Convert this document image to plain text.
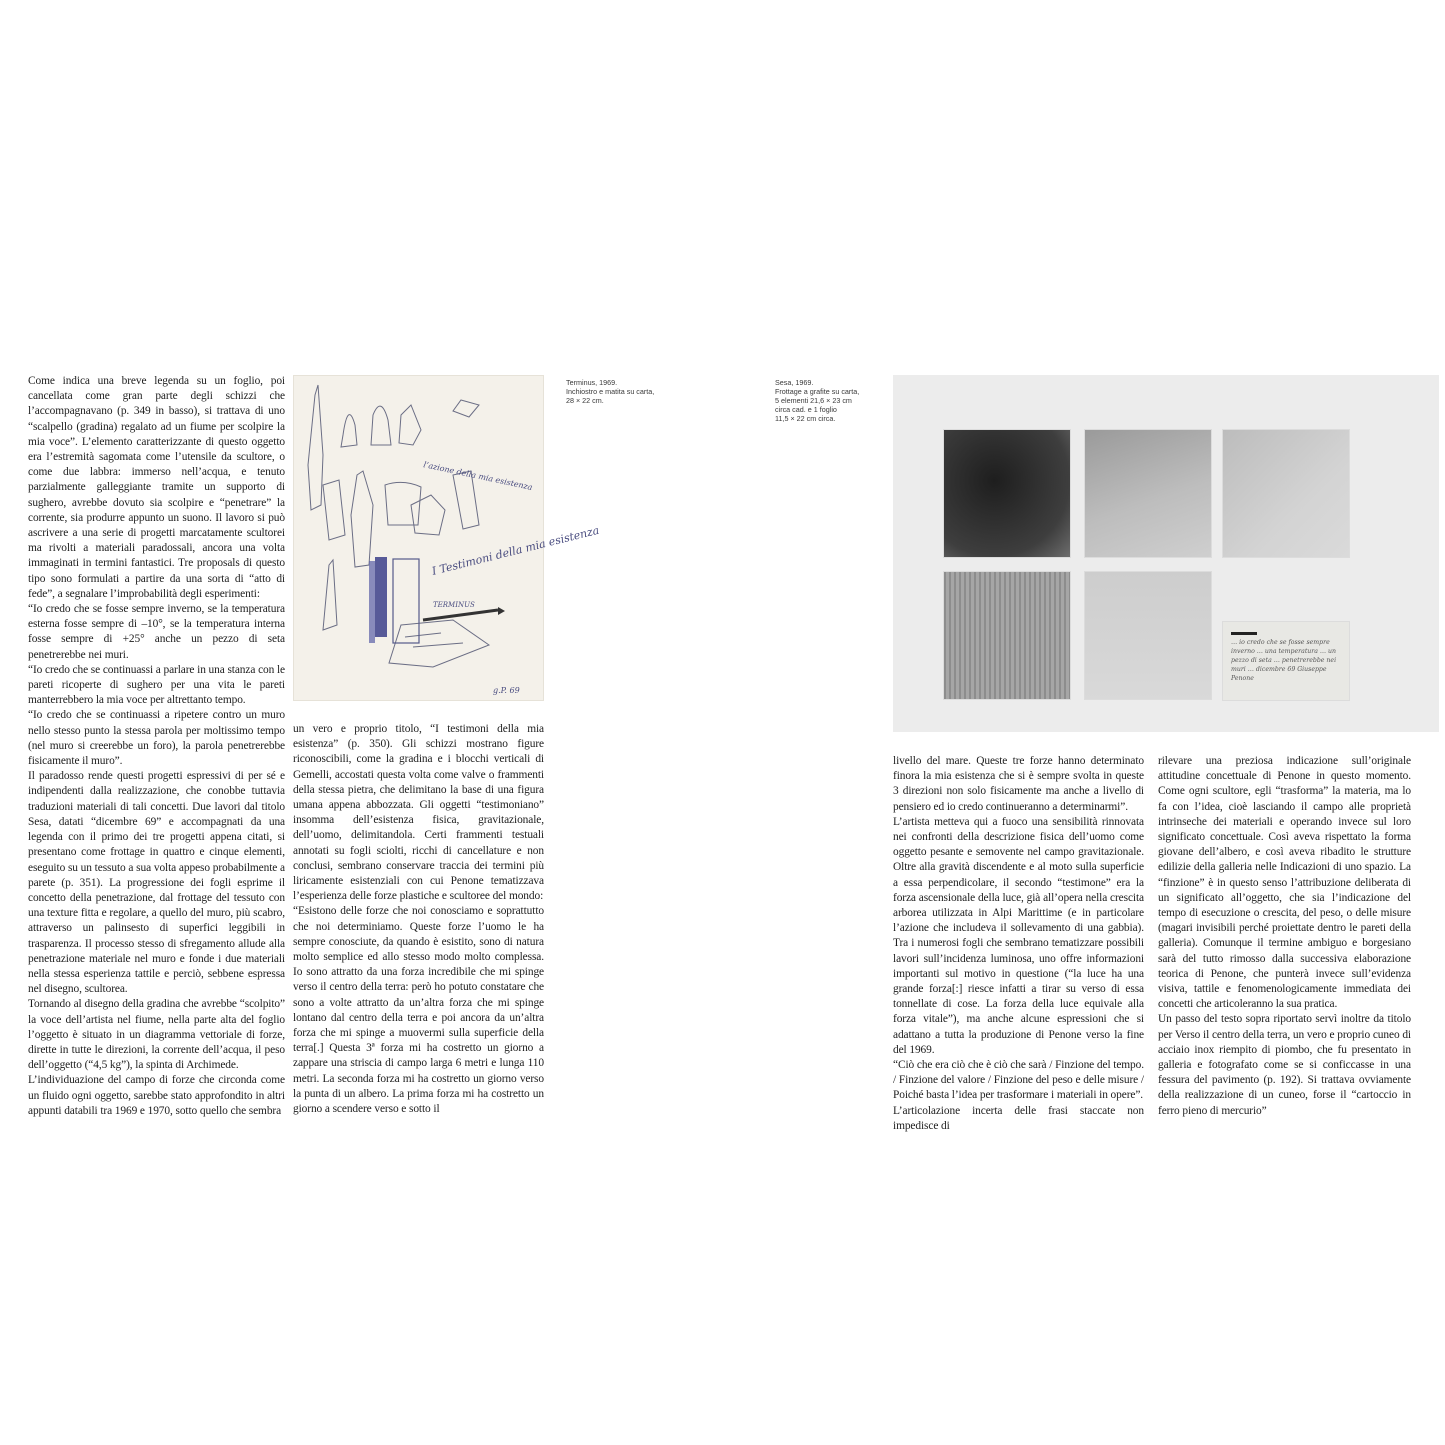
Come indica una breve legenda su un foglio, poi cancellata come gran parte degli schizzi che l’accompagnavano (p. 349 in basso), si trattava di uno “scalpello (gradina) regalato ad un fiume per scolpire la mia voce”. L’elemento caratterizzante di questo oggetto era l’estremità sagomata come l’utensile da scultore, o come due labbra: immerso nell’acqua, e tenuto parzialmente galleggiante tramite un supporto di sughero, avrebbe dovuto sia scolpire e “penetrare” la corrente, sia produrre appunto un suono. Il lavoro si può ascrivere a una serie di progetti marcatamente scultorei ma rivolti a materiali paradossali, ancora una volta immaginati in termini fantastici. Tre proposals di questo tipo sono formulati a partire da una sorta di “atto di fede”, a segnalare l’improbabilità degli esperimenti:

“Io credo che se fosse sempre inverno, se la temperatura esterna fosse sempre di –10°, se la temperatura interna fosse sempre di +25° anche un pezzo di seta penetrerebbe nei muri.

“Io credo che se continuassi a parlare in una stanza con le pareti ricoperte di sughero per una vita le pareti manterrebbero la mia voce per altrettanto tempo.

“Io credo che se continuassi a ripetere contro un muro nello stesso punto la stessa parola per moltissimo tempo (nel muro si creerebbe un foro), la parola penetrerebbe fisicamente il muro”.

Il paradosso rende questi progetti espressivi di per sé e indipendenti dalla realizzazione, che conobbe tuttavia traduzioni materiali di tali concetti. Due lavori dal titolo Sesa, datati “dicembre 69” e accompagnati da una legenda con il primo dei tre progetti appena citati, si presentano come frottage in quattro e cinque elementi, eseguito su un tessuto a sua volta appeso probabilmente a parete (p. 351). La progressione dei fogli esprime il concetto della penetrazione, dal frottage del tessuto con una texture fitta e regolare, a quello del muro, più scabro, attraverso un palinsesto di superfici leggibili in trasparenza. Il processo stesso di sfregamento allude alla penetrazione materiale nel muro e fonde i due materiali nella stessa esperienza tattile e perciò, sebbene espressa nel disegno, scultorea.

Tornando al disegno della gradina che avrebbe “scolpito” la voce dell’artista nel fiume, nella parte alta del foglio l’oggetto è situato in un diagramma vettoriale di forze, dirette in tutte le direzioni, la corrente dell’acqua, il peso dell’oggetto (“4,5 kg”), la spinta di Archimede.

L’individuazione del campo di forze che circonda come un fluido ogni oggetto, sarebbe stato approfondito in altri appunti databili tra 1969 e 1970, sotto quello che sembra

l’azione della mia esistenza
I Testimoni della mia esistenza
TERMINUS
g.P. 69
Terminus, 1969.
Inchiostro e matita su carta,
28 × 22 cm.

un vero e proprio titolo, “I testimoni della mia esistenza” (p. 350). Gli schizzi mostrano figure riconoscibili, come la gradina e i blocchi verticali di Gemelli, accostati questa volta come valve o frammenti della stessa pietra, che delimitano la base di una figura umana appena abbozzata. Gli oggetti “testimoniano” insomma dell’esistenza fisica, gravitazionale, dell’uomo, delimitandola. Certi frammenti testuali annotati su fogli sciolti, ricchi di cancellature e non conclusi, sembrano conservare traccia dei termini più liricamente esistenziali con cui Penone tematizzava l’esperienza delle forze plastiche e scultoree del mondo:

“Esistono delle forze che noi conosciamo e soprattutto che noi determiniamo. Queste forze l’uomo le ha sempre conosciute, da quando è esistito, sono di natura molto semplice ed allo stesso modo molto complessa. Io sono attratto da una forza incredibile che mi spinge verso il centro della terra: però ho potuto constatare che sono a volte attratto da un’altra forza che mi spinge lontano dal centro della terra e poi ancora da un’altra forza che mi spinge a muovermi sulla superficie della terra[.] Questa 3ª forza mi ha costretto un giorno a zappare una striscia di campo larga 6 metri e lunga 110 metri. La seconda forza mi ha costretto un giorno verso la punta di un albero. La prima forza mi ha costretto un giorno a scendere verso e sotto il

Sesa, 1969.
Frottage a grafite su carta,
5 elementi 21,6 × 23 cm
circa cad. e 1 foglio
11,5 × 22 cm circa.
… io credo che se fosse sempre inverno … una temperatura … un pezzo di seta … penetrerebbe nei muri … dicembre 69 Giuseppe Penone

livello del mare. Queste tre forze hanno determinato finora la mia esistenza che si è sempre svolta in queste 3 direzioni non solo fisicamente ma anche a livello di pensiero ed io credo continueranno a determinarmi”.

L’artista metteva qui a fuoco una sensibilità rinnovata nei confronti della descrizione fisica dell’uomo come oggetto pesante e semovente nel campo gravitazionale. Oltre alla gravità discendente e al moto sulla superficie a essa perpendicolare, il secondo “testimone” era la forza ascensionale della luce, già all’opera nella crescita arborea utilizzata in Alpi Marittime (e in particolare l’azione che includeva il sollevamento di una gabbia). Tra i numerosi fogli che sembrano tematizzare possibili lavori sull’incidenza luminosa, uno offre informazioni importanti sul motivo in questione (“la luce ha una grande forza[:] riesce infatti a tirar su verso di essa tonnellate di cose. La forza della luce equivale alla forza vitale”), ma anche alcune espressioni che si adattano a tutta la produzione di Penone verso la fine del 1969.

“Ciò che era ciò che è ciò che sarà / Finzione del tempo. / Finzione del valore / Finzione del peso e delle misure / Poiché basta l’idea per trasformare i materiali in opere”.

L’articolazione incerta delle frasi staccate non impedisce di

rilevare una preziosa indicazione sull’originale attitudine concettuale di Penone in questo momento. Come ogni scultore, egli “trasforma” la materia, ma lo fa con l’idea, cioè lasciando il campo alle proprietà intrinseche dei materiali e operando invece sul loro significato concettuale. Così aveva rispettato la forma giovane dell’albero, e così aveva ribadito le strutture edilizie della galleria nelle Indicazioni di uno spazio. La “finzione” è in questo senso l’attribuzione deliberata di un significato all’oggetto, che sia l’indicazione del tempo di esecuzione o crescita, del peso, o delle misure (magari invisibili perché proiettate dentro le pareti della galleria). Comunque il termine ambiguo e borgesiano sarà del tutto rimosso dalla successiva elaborazione teorica di Penone, che punterà invece sull’evidenza visiva, tattile e fenomenologicamente immediata dei concetti che articoleranno la sua pratica.

Un passo del testo sopra riportato servì inoltre da titolo per Verso il centro della terra, un vero e proprio cuneo di acciaio inox riempito di piombo, che fu presentato in galleria e fotografato come se si conficcasse in una fessura del pavimento (p. 192). Si trattava ovviamente della realizzazione di un cuneo, forse il “cartoccio in ferro pieno di mercurio”
